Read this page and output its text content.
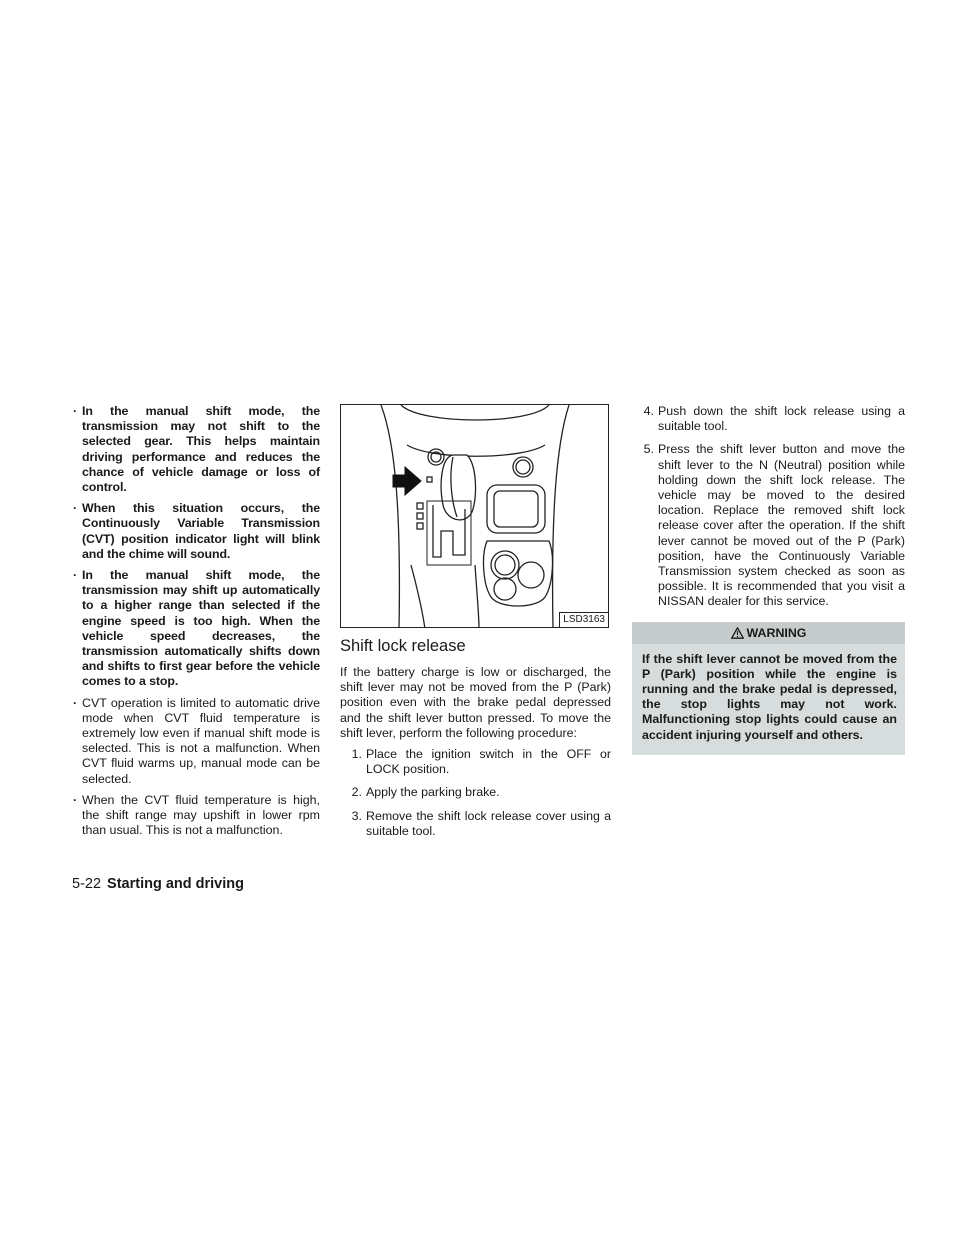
· In the manual shift mode, the transmission may not shift to the selected gear. This helps maintain driving performance and reduces the chance of vehicle damage or loss of control.
· When this situation occurs, the Continuously Variable Transmission (CVT) position indicator light will blink and the chime will sound.
· In the manual shift mode, the transmission may shift up automatically to a higher range than selected if the engine speed is too high. When the vehicle speed decreases, the transmission automatically shifts down and shifts to first gear before the vehicle comes to a stop.
· CVT operation is limited to automatic drive mode when CVT fluid temperature is extremely low even if manual shift mode is selected. This is not a malfunction. When CVT fluid warms up, manual mode can be selected.
· When the CVT fluid temperature is high, the shift range may upshift in lower rpm than usual. This is not a malfunction.
LSD3163
Shift lock release

If the battery charge is low or discharged, the shift lever may not be moved from the P (Park) position even with the brake pedal depressed and the shift lever button pressed. To move the shift lever, perform the following procedure:

1. Place the ignition switch in the OFF or LOCK position.
2. Apply the parking brake.
3. Remove the shift lock release cover using a suitable tool.
4. Push down the shift lock release using a suitable tool.
5. Press the shift lever button and move the shift lever to the N (Neutral) position while holding down the shift lock release. The vehicle may be moved to the desired location. Replace the removed shift lock release cover after the operation. If the shift lever cannot be moved out of the P (Park) position, have the Continuously Variable Transmission system checked as soon as possible. It is recommended that you visit a NISSAN dealer for this service.
WARNING
If the shift lever cannot be moved from the P (Park) position while the engine is running and the brake pedal is depressed, the stop lights may not work. Malfunctioning stop lights could cause an accident injuring yourself and others.
5-22 Starting and driving
